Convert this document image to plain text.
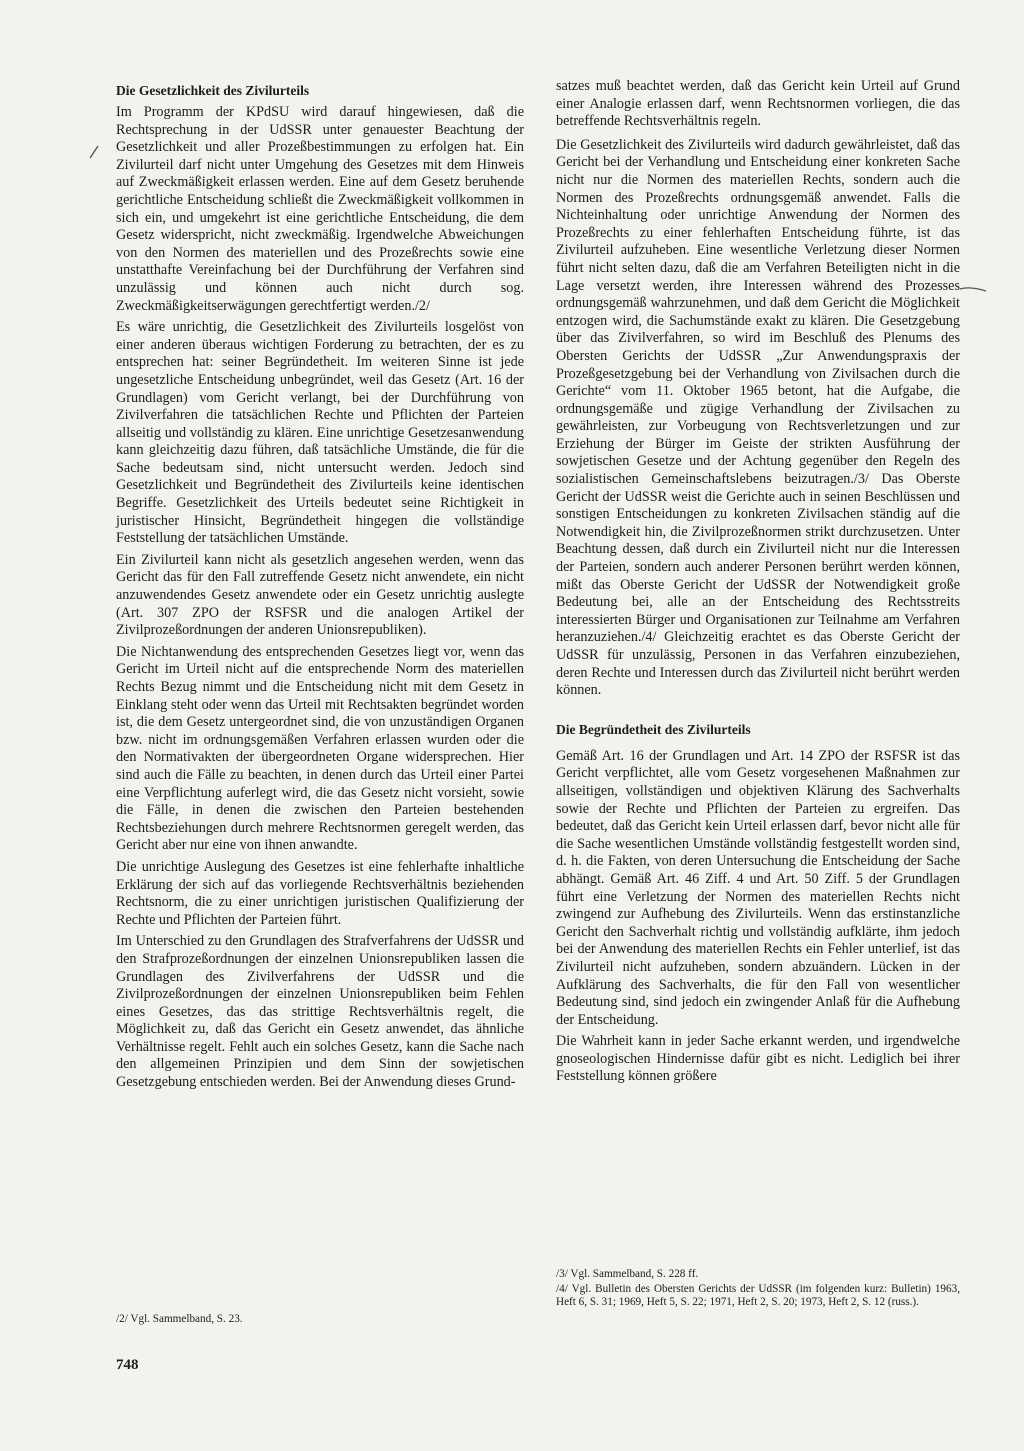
Die Gesetzlichkeit des Zivilurteils

Im Programm der KPdSU wird darauf hingewiesen, daß die Rechtsprechung in der UdSSR unter genauester Beachtung der Gesetzlichkeit und aller Prozeßbestimmungen zu erfolgen hat. Ein Zivilurteil darf nicht unter Umgehung des Gesetzes mit dem Hinweis auf Zweckmäßigkeit erlassen werden. Eine auf dem Gesetz beruhende gerichtliche Entscheidung schließt die Zweckmäßigkeit vollkommen in sich ein, und umgekehrt ist eine gerichtliche Entscheidung, die dem Gesetz widerspricht, nicht zweckmäßig. Irgendwelche Abweichungen von den Normen des materiellen und des Prozeßrechts sowie eine unstatthafte Vereinfachung bei der Durchführung der Verfahren sind unzulässig und können auch nicht durch sog. Zweckmäßigkeitserwägungen gerechtfertigt werden./2/

Es wäre unrichtig, die Gesetzlichkeit des Zivilurteils losgelöst von einer anderen überaus wichtigen Forderung zu betrachten, der es zu entsprechen hat: seiner Begründetheit. Im weiteren Sinne ist jede ungesetzliche Entscheidung unbegründet, weil das Gesetz (Art. 16 der Grundlagen) vom Gericht verlangt, bei der Durchführung von Zivilverfahren die tatsächlichen Rechte und Pflichten der Parteien allseitig und vollständig zu klären. Eine unrichtige Gesetzesanwendung kann gleichzeitig dazu führen, daß tatsächliche Umstände, die für die Sache bedeutsam sind, nicht untersucht werden. Jedoch sind Gesetzlichkeit und Begründetheit des Zivilurteils keine identischen Begriffe. Gesetzlichkeit des Urteils bedeutet seine Richtigkeit in juristischer Hinsicht, Begründetheit hingegen die vollständige Feststellung der tatsächlichen Umstände.

Ein Zivilurteil kann nicht als gesetzlich angesehen werden, wenn das Gericht das für den Fall zutreffende Gesetz nicht anwendete, ein nicht anzuwendendes Gesetz anwendete oder ein Gesetz unrichtig auslegte (Art. 307 ZPO der RSFSR und die analogen Artikel der Zivilprozeßordnungen der anderen Unionsrepubliken).

Die Nichtanwendung des entsprechenden Gesetzes liegt vor, wenn das Gericht im Urteil nicht auf die entsprechende Norm des materiellen Rechts Bezug nimmt und die Entscheidung nicht mit dem Gesetz in Einklang steht oder wenn das Urteil mit Rechtsakten begründet worden ist, die dem Gesetz untergeordnet sind, die von unzuständigen Organen bzw. nicht im ordnungsgemäßen Verfahren erlassen wurden oder die den Normativakten der übergeordneten Organe widersprechen. Hier sind auch die Fälle zu beachten, in denen durch das Urteil einer Partei eine Verpflichtung auferlegt wird, die das Gesetz nicht vorsieht, sowie die Fälle, in denen die zwischen den Parteien bestehenden Rechtsbeziehungen durch mehrere Rechtsnormen geregelt werden, das Gericht aber nur eine von ihnen anwandte.

Die unrichtige Auslegung des Gesetzes ist eine fehlerhafte inhaltliche Erklärung der sich auf das vorliegende Rechtsverhältnis beziehenden Rechtsnorm, die zu einer unrichtigen juristischen Qualifizierung der Rechte und Pflichten der Parteien führt.

Im Unterschied zu den Grundlagen des Strafverfahrens der UdSSR und den Strafprozeßordnungen der einzelnen Unionsrepubliken lassen die Grundlagen des Zivilverfahrens der UdSSR und die Zivilprozeßordnungen der einzelnen Unionsrepubliken beim Fehlen eines Gesetzes, das das strittige Rechtsverhältnis regelt, die Möglichkeit zu, daß das Gericht ein Gesetz anwendet, das ähnliche Verhältnisse regelt. Fehlt auch ein solches Gesetz, kann die Sache nach den allgemeinen Prinzipien und dem Sinn der sowjetischen Gesetzgebung entschieden werden. Bei der Anwendung dieses Grund-

satzes muß beachtet werden, daß das Gericht kein Urteil auf Grund einer Analogie erlassen darf, wenn Rechtsnormen vorliegen, die das betreffende Rechtsverhältnis regeln.

Die Gesetzlichkeit des Zivilurteils wird dadurch gewährleistet, daß das Gericht bei der Verhandlung und Entscheidung einer konkreten Sache nicht nur die Normen des materiellen Rechts, sondern auch die Normen des Prozeßrechts ordnungsgemäß anwendet. Falls die Nichteinhaltung oder unrichtige Anwendung der Normen des Prozeßrechts zu einer fehlerhaften Entscheidung führte, ist das Zivilurteil aufzuheben. Eine wesentliche Verletzung dieser Normen führt nicht selten dazu, daß die am Verfahren Beteiligten nicht in die Lage versetzt werden, ihre Interessen während des Prozesses ordnungsgemäß wahrzunehmen, und daß dem Gericht die Möglichkeit entzogen wird, die Sachumstände exakt zu klären. Die Gesetzgebung über das Zivilverfahren, so wird im Beschluß des Plenums des Obersten Gerichts der UdSSR „Zur Anwendungspraxis der Prozeßgesetzgebung bei der Verhandlung von Zivilsachen durch die Gerichte“ vom 11. Oktober 1965 betont, hat die Aufgabe, die ordnungsgemäße und zügige Verhandlung der Zivilsachen zu gewährleisten, zur Vorbeugung von Rechtsverletzungen und zur Erziehung der Bürger im Geiste der strikten Ausführung der sowjetischen Gesetze und der Achtung gegenüber den Regeln des sozialistischen Gemeinschaftslebens beizutragen./3/ Das Oberste Gericht der UdSSR weist die Gerichte auch in seinen Beschlüssen und sonstigen Entscheidungen zu konkreten Zivilsachen ständig auf die Notwendigkeit hin, die Zivilprozeßnormen strikt durchzusetzen. Unter Beachtung dessen, daß durch ein Zivilurteil nicht nur die Interessen der Parteien, sondern auch anderer Personen berührt werden können, mißt das Oberste Gericht der UdSSR der Notwendigkeit große Bedeutung bei, alle an der Entscheidung des Rechtsstreits interessierten Bürger und Organisationen zur Teilnahme am Verfahren heranzuziehen./4/ Gleichzeitig erachtet es das Oberste Gericht der UdSSR für unzulässig, Personen in das Verfahren einzubeziehen, deren Rechte und Interessen durch das Zivilurteil nicht berührt werden können.

Die Begründetheit des Zivilurteils

Gemäß Art. 16 der Grundlagen und Art. 14 ZPO der RSFSR ist das Gericht verpflichtet, alle vom Gesetz vorgesehenen Maßnahmen zur allseitigen, vollständigen und objektiven Klärung des Sachverhalts sowie der Rechte und Pflichten der Parteien zu ergreifen. Das bedeutet, daß das Gericht kein Urteil erlassen darf, bevor nicht alle für die Sache wesentlichen Umstände vollständig festgestellt worden sind, d. h. die Fakten, von deren Untersuchung die Entscheidung der Sache abhängt. Gemäß Art. 46 Ziff. 4 und Art. 50 Ziff. 5 der Grundlagen führt eine Verletzung der Normen des materiellen Rechts nicht zwingend zur Aufhebung des Zivilurteils. Wenn das erstinstanzliche Gericht den Sachverhalt richtig und vollständig aufklärte, ihm jedoch bei der Anwendung des materiellen Rechts ein Fehler unterlief, ist das Zivilurteil nicht aufzuheben, sondern abzuändern. Lücken in der Aufklärung des Sachverhalts, die für den Fall von wesentlicher Bedeutung sind, sind jedoch ein zwingender Anlaß für die Aufhebung der Entscheidung.

Die Wahrheit kann in jeder Sache erkannt werden, und irgendwelche gnoseologischen Hindernisse dafür gibt es nicht. Lediglich bei ihrer Feststellung können größere

/3/ Vgl. Sammelband, S. 228 ff.

/4/ Vgl. Bulletin des Obersten Gerichts der UdSSR (im folgenden kurz: Bulletin) 1963, Heft 6, S. 31; 1969, Heft 5, S. 22; 1971, Heft 2, S. 20; 1973, Heft 2, S. 12 (russ.).

/2/ Vgl. Sammelband, S. 23.

748
